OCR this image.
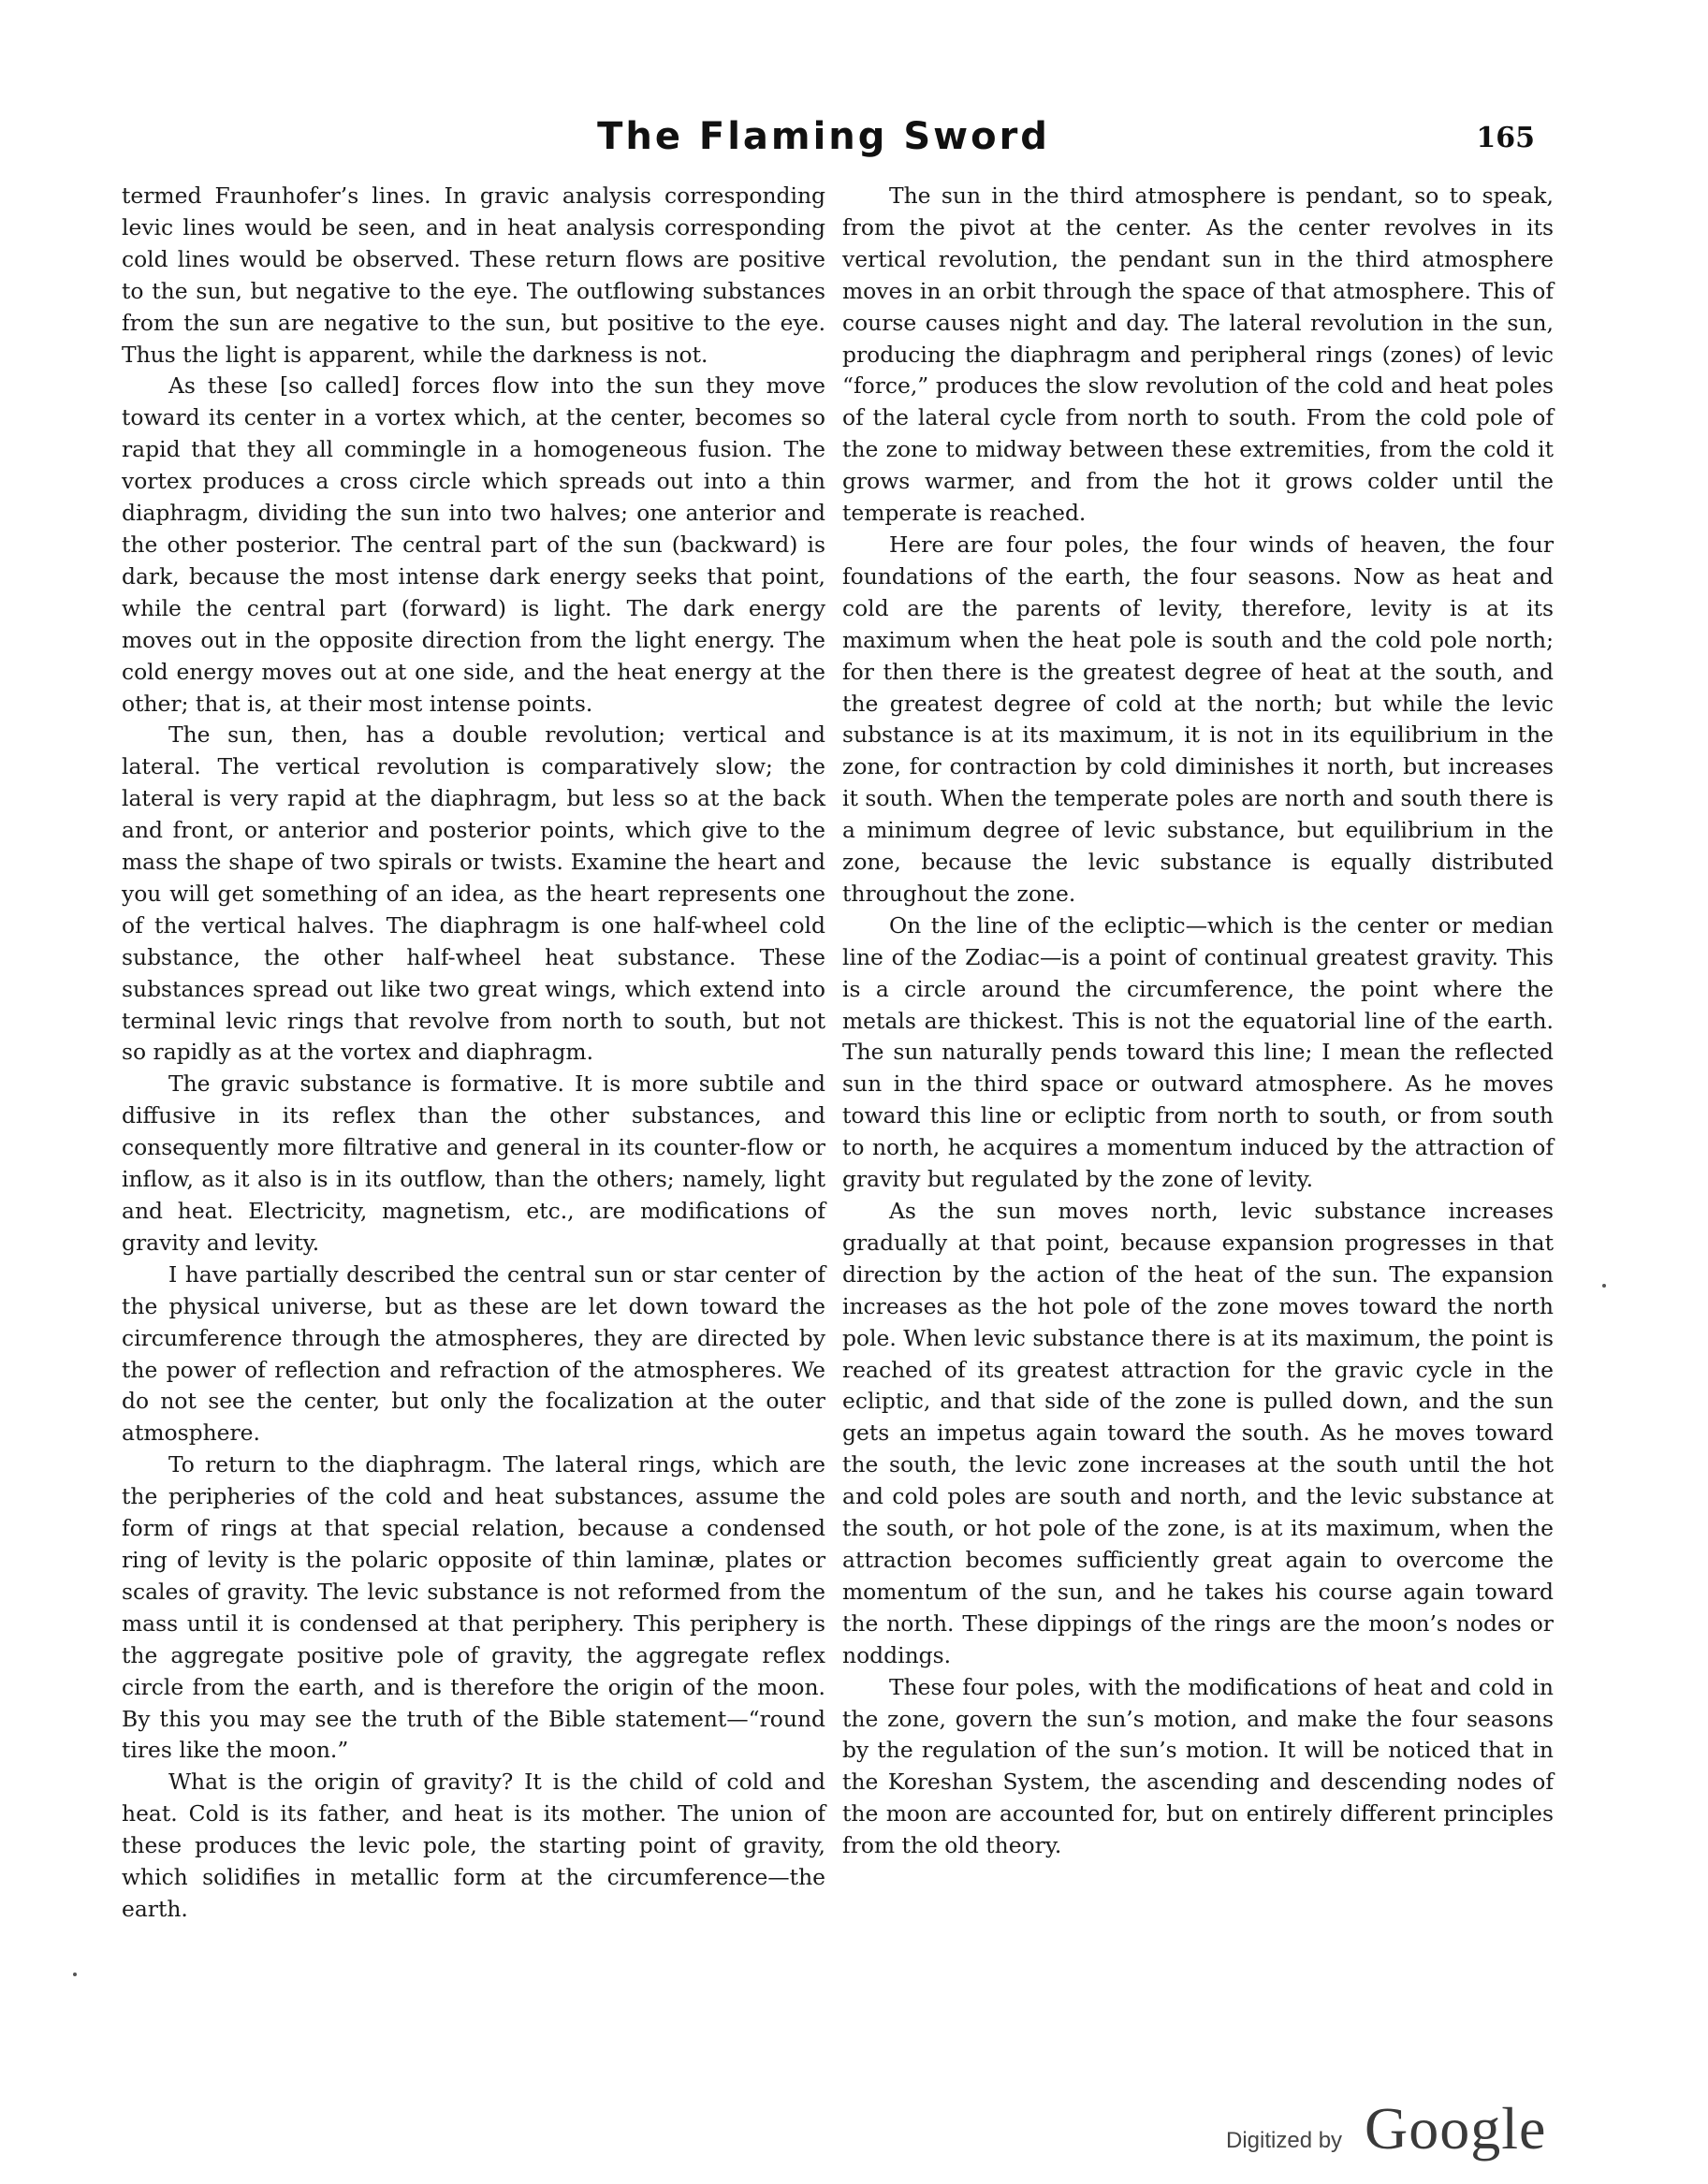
The Flaming Sword	165

termed Fraunhofer’s lines. In gravic analysis corresponding levic lines would be seen, and in heat analysis corresponding cold lines would be observed. These return flows are positive to the sun, but negative to the eye. The outflowing substances from the sun are negative to the sun, but positive to the eye. Thus the light is apparent, while the darkness is not.

As these [so called] forces flow into the sun they move toward its center in a vortex which, at the center, becomes so rapid that they all commingle in a homogeneous fusion. The vortex produces a cross circle which spreads out into a thin diaphragm, dividing the sun into two halves; one anterior and the other posterior. The central part of the sun (backward) is dark, because the most intense dark energy seeks that point, while the central part (forward) is light. The dark energy moves out in the opposite direction from the light energy. The cold energy moves out at one side, and the heat energy at the other; that is, at their most intense points.

The sun, then, has a double revolution; vertical and lateral. The vertical revolution is comparatively slow; the lateral is very rapid at the diaphragm, but less so at the back and front, or anterior and posterior points, which give to the mass the shape of two spirals or twists. Examine the heart and you will get something of an idea, as the heart represents one of the vertical halves. The diaphragm is one half-wheel cold substance, the other half-wheel heat substance. These substances spread out like two great wings, which extend into terminal levic rings that revolve from north to south, but not so rapidly as at the vortex and diaphragm.

The gravic substance is formative. It is more subtile and diffusive in its reflex than the other substances, and consequently more filtrative and general in its counter-flow or inflow, as it also is in its outflow, than the others; namely, light and heat. Electricity, magnetism, etc., are modifications of gravity and levity.

I have partially described the central sun or star center of the physical universe, but as these are let down toward the circumference through the atmospheres, they are directed by the power of reflection and refraction of the atmospheres. We do not see the center, but only the focalization at the outer atmosphere.

To return to the diaphragm. The lateral rings, which are the peripheries of the cold and heat substances, assume the form of rings at that special relation, because a condensed ring of levity is the polaric opposite of thin laminæ, plates or scales of gravity. The levic substance is not reformed from the mass until it is condensed at that periphery. This periphery is the aggregate positive pole of gravity, the aggregate reflex circle from the earth, and is therefore the origin of the moon. By this you may see the truth of the Bible statement—“round tires like the moon.”

What is the origin of gravity? It is the child of cold and heat. Cold is its father, and heat is its mother. The union of these produces the levic pole, the starting point of gravity, which solidifies in metallic form at the circumference—the earth.

The sun in the third atmosphere is pendant, so to speak, from the pivot at the center. As the center revolves in its vertical revolution, the pendant sun in the third atmosphere moves in an orbit through the space of that atmosphere. This of course causes night and day. The lateral revolution in the sun, producing the diaphragm and peripheral rings (zones) of levic “force,” produces the slow revolution of the cold and heat poles of the lateral cycle from north to south. From the cold pole of the zone to midway between these extremities, from the cold it grows warmer, and from the hot it grows colder until the temperate is reached.

Here are four poles, the four winds of heaven, the four foundations of the earth, the four seasons. Now as heat and cold are the parents of levity, therefore, levity is at its maximum when the heat pole is south and the cold pole north; for then there is the greatest degree of heat at the south, and the greatest degree of cold at the north; but while the levic substance is at its maximum, it is not in its equilibrium in the zone, for contraction by cold diminishes it north, but increases it south. When the temperate poles are north and south there is a minimum degree of levic substance, but equilibrium in the zone, because the levic substance is equally distributed throughout the zone.

On the line of the ecliptic—which is the center or median line of the Zodiac—is a point of continual greatest gravity. This is a circle around the circumference, the point where the metals are thickest. This is not the equatorial line of the earth. The sun naturally pends toward this line; I mean the reflected sun in the third space or outward atmosphere. As he moves toward this line or ecliptic from north to south, or from south to north, he acquires a momentum induced by the attraction of gravity but regulated by the zone of levity.

As the sun moves north, levic substance increases gradually at that point, because expansion progresses in that direction by the action of the heat of the sun. The expansion increases as the hot pole of the zone moves toward the north pole. When levic substance there is at its maximum, the point is reached of its greatest attraction for the gravic cycle in the ecliptic, and that side of the zone is pulled down, and the sun gets an impetus again toward the south. As he moves toward the south, the levic zone increases at the south until the hot and cold poles are south and north, and the levic substance at the south, or hot pole of the zone, is at its maximum, when the attraction becomes sufficiently great again to overcome the momentum of the sun, and he takes his course again toward the north. These dippings of the rings are the moon’s nodes or noddings.

These four poles, with the modifications of heat and cold in the zone, govern the sun’s motion, and make the four seasons by the regulation of the sun’s motion. It will be noticed that in the Koreshan System, the ascending and descending nodes of the moon are accounted for, but on entirely different principles from the old theory.

Digitized by Google
